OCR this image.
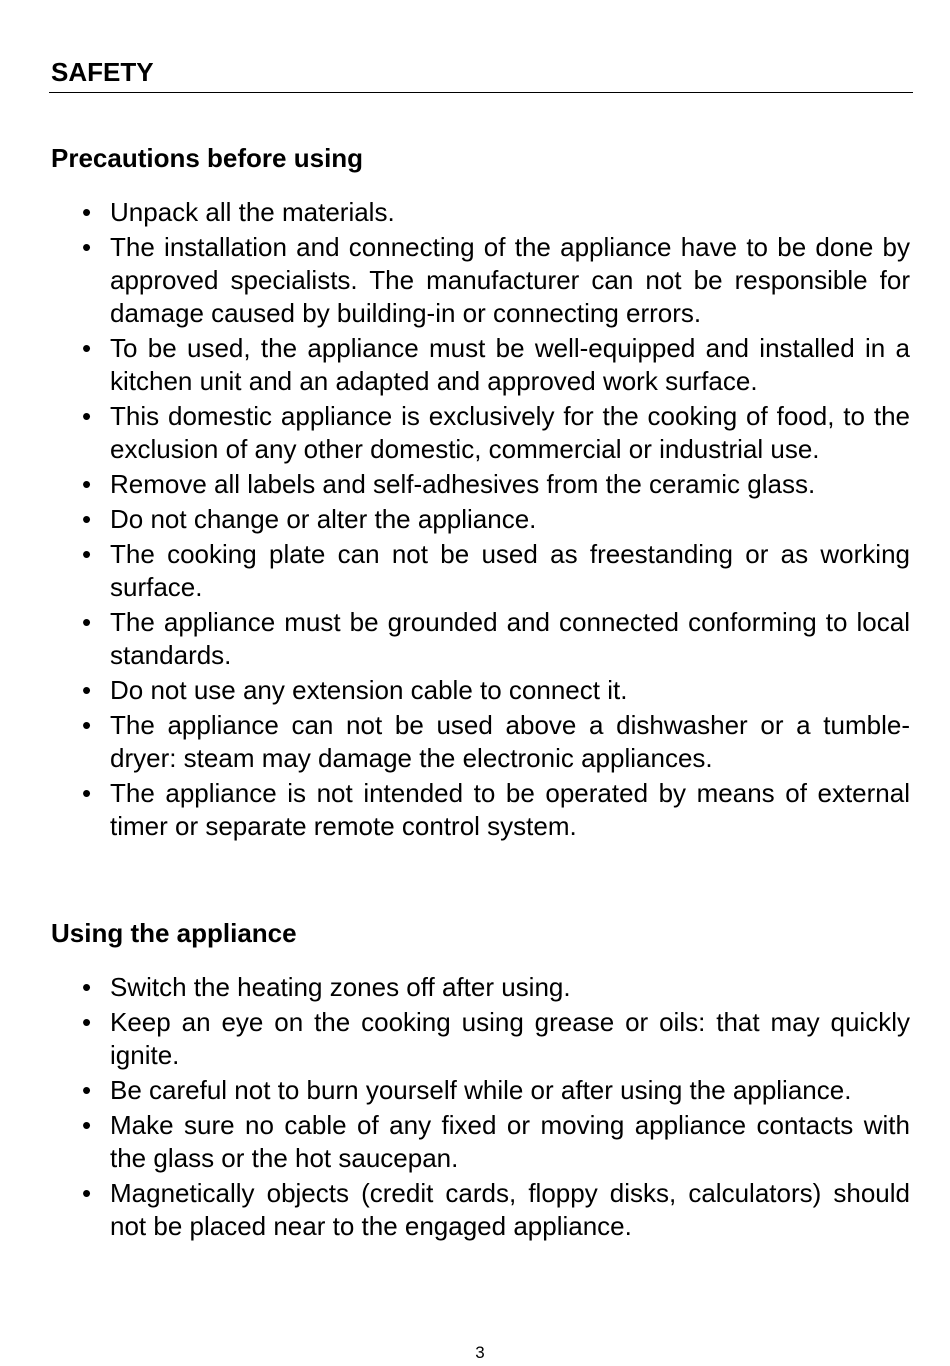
SAFETY
Precautions before using
• Unpack all the materials.
• The installation and connecting of the appliance have to be done by approved specialists. The manufacturer can not be responsible for damage caused by building-in or connecting errors.
• To be used, the appliance must be well-equipped and installed in a kitchen unit and an adapted and approved work surface.
• This domestic appliance is exclusively for the cooking of food, to the exclusion of any other domestic, commercial or industrial use.
• Remove all labels and self-adhesives from the ceramic glass.
• Do not change or alter the appliance.
• The cooking plate can not be used as freestanding or as working surface.
• The appliance must be grounded and connected conforming to local standards.
• Do not use any extension cable to connect it.
• The appliance can not be used above a dishwasher or a tumble-dryer: steam may damage the electronic appliances.
• The appliance is not intended to be operated by means of external timer or separate remote control system.
Using the appliance
• Switch the heating zones off after using.
• Keep an eye on the cooking using grease or oils: that may quickly ignite.
• Be careful not to burn yourself while or after using the appliance.
• Make sure no cable of any fixed or moving appliance contacts with the glass or the hot saucepan.
• Magnetically objects (credit cards, floppy disks, calculators) should not be placed near to the engaged appliance.
3
